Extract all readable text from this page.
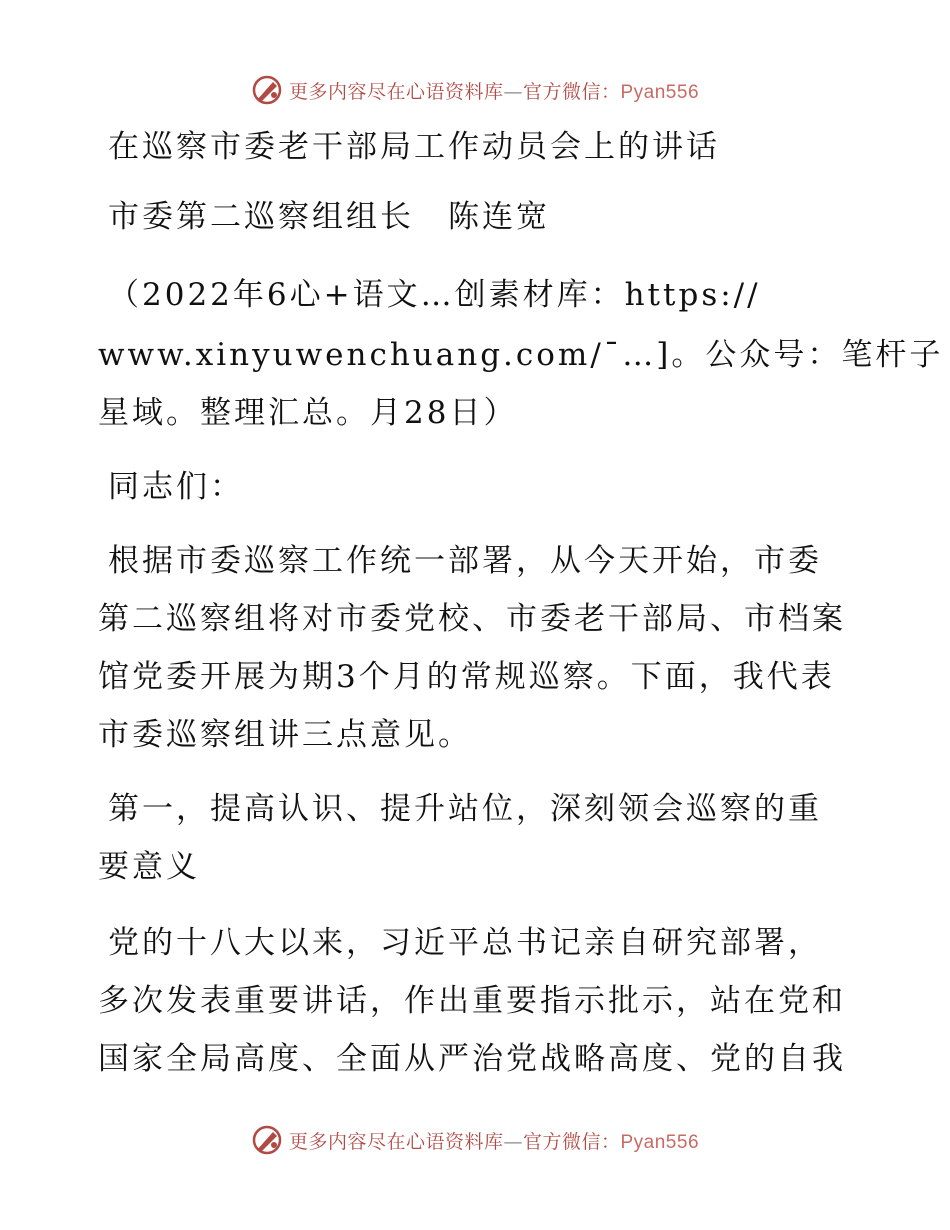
更多内容尽在心语资料库—官方微信：Pyan556
在巡察市委老干部局工作动员会上的讲话
市委第二巡察组组长　陈连宽
（2022年6心+语文…创素材库：https://
www.xinyuwenchuang.com/¯…]。公众号：笔杆子
星域。整理汇总。月28日）
同志们：
根据市委巡察工作统一部署，从今天开始，市委
第二巡察组将对市委党校、市委老干部局、市档案
馆党委开展为期3个月的常规巡察。下面，我代表
市委巡察组讲三点意见。
第一，提高认识、提升站位，深刻领会巡察的重
要意义
党的十八大以来，习近平总书记亲自研究部署，
多次发表重要讲话，作出重要指示批示，站在党和
国家全局高度、全面从严治党战略高度、党的自我
更多内容尽在心语资料库—官方微信：Pyan556
